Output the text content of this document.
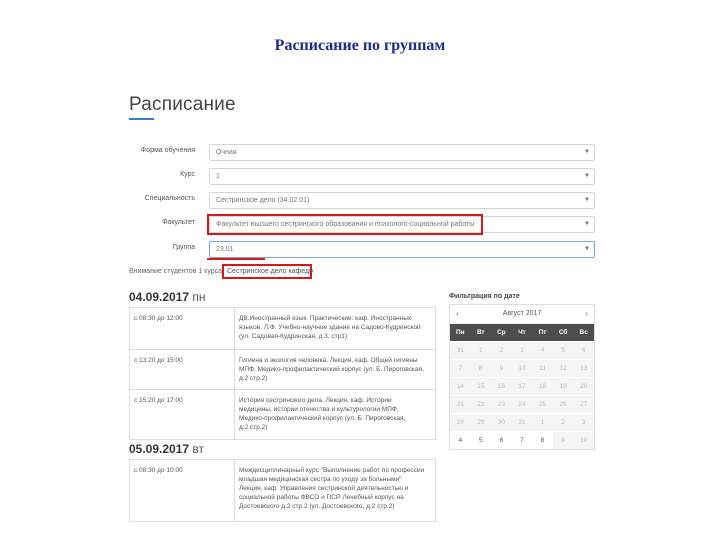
Расписание по группам
Расписание
Форма обучения	Очная	▼
Курс	1	▼
Специальность	Сестринское дело (34.02.01)	▼
Факультет	Факультет высшего сестринского образования и психолого-социальной работы	▼
Группа	23.01	▼
Внимание студентов 1 курса Сестринское дело кафедр
04.09.2017 пн
с 08:30 до 12:00	ДВ.Иностранный язык. Практические: каф. Иностранных
языков. Л.Ф. Учебно-научное здание на Садово-Кудринской
(ул. Садовая-Кудринская, д.3, стр1)

с 13:20 до 15:00	Гигиена и экология человека. Лекция, каф. Общей гигиены
МПФ, Медико-профилактический корпус (ул. Б. Пироговская,
д.2 стр.2)

с 15:20 до 17:00	История сестринского дела. Лекция, каф. Истории
медицины, истории отечества и культурологии МПФ,
Медико-профилактический корпус (ул. Б. Пироговская,
д.2 стр.2)
05.09.2017 вт
с 08:30 до 10:00	Междисциплинарный курс "Выполнение работ по профессии
младшая медицинская сестра по уходу за больными"
Лекция, каф. Управления сестринской деятельностью и
социальной работы ФВСО и ПСР. Лечебный корпус на
Достоевского д.2 стр.2 (ул. Достоевского, д.2 стр.2)
Фильтрация по дате
‹	Август 2017	›
Пн	Вт	Ср	Чт	Пт	Сб	Вс
31	1	2	3	4	5	6
7	8	9	10	11	12	13
14	15	16	17	18	19	20
21	22	23	24	25	26	27
28	29	30	31	1	2	3
4	5	6	7	8	9	10
